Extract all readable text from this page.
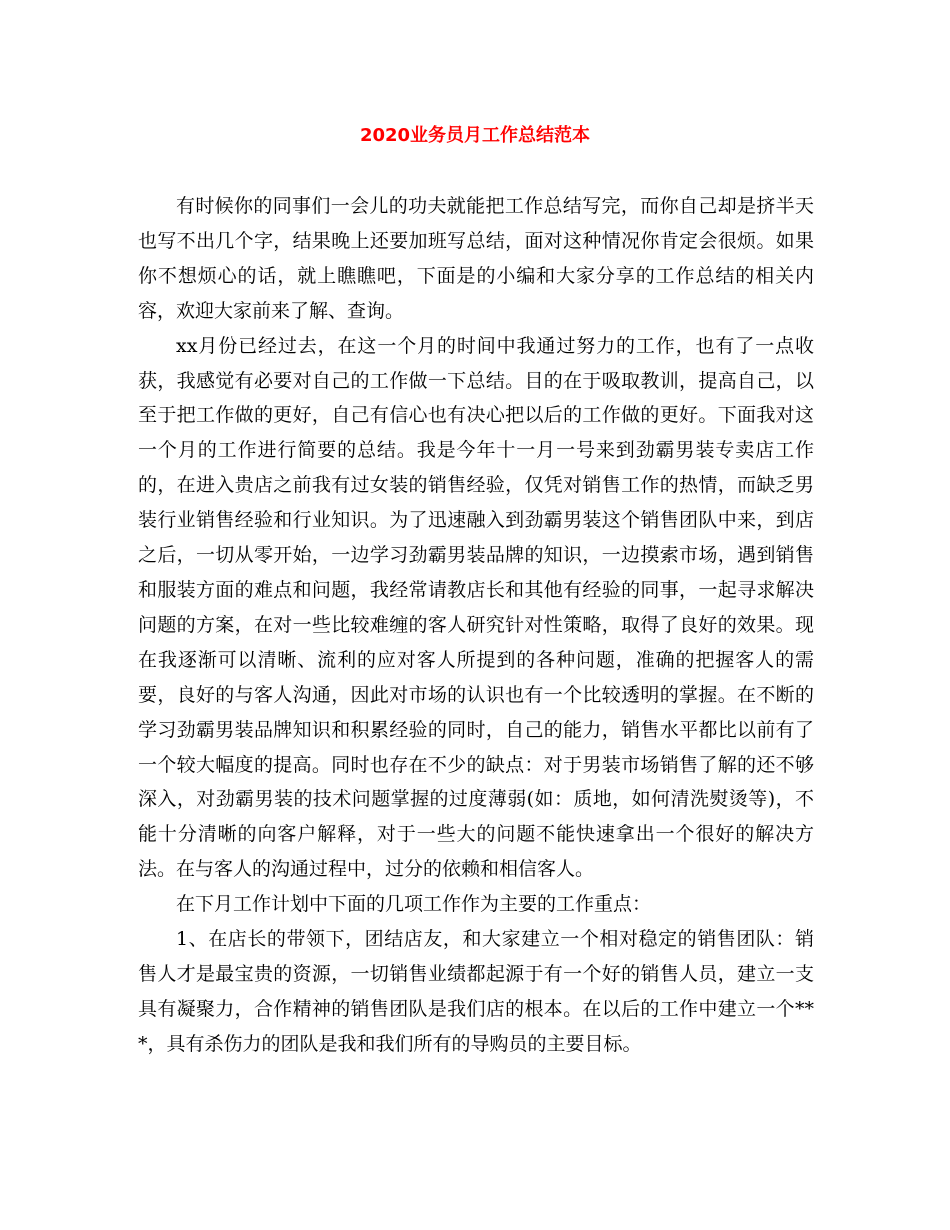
2020业务员月工作总结范本

有时候你的同事们一会儿的功夫就能把工作总结写完，而你自己却是挤半天也写不出几个字，结果晚上还要加班写总结，面对这种情况你肯定会很烦。如果你不想烦心的话，就上瞧瞧吧，下面是的小编和大家分享的工作总结的相关内容，欢迎大家前来了解、查询。

xx月份已经过去，在这一个月的时间中我通过努力的工作，也有了一点收获，我感觉有必要对自己的工作做一下总结。目的在于吸取教训，提高自己，以至于把工作做的更好，自己有信心也有决心把以后的工作做的更好。下面我对这一个月的工作进行简要的总结。我是今年十一月一号来到劲霸男装专卖店工作的，在进入贵店之前我有过女装的销售经验，仅凭对销售工作的热情，而缺乏男装行业销售经验和行业知识。为了迅速融入到劲霸男装这个销售团队中来，到店之后，一切从零开始，一边学习劲霸男装品牌的知识，一边摸索市场，遇到销售和服装方面的难点和问题，我经常请教店长和其他有经验的同事，一起寻求解决问题的方案，在对一些比较难缠的客人研究针对性策略，取得了良好的效果。现在我逐渐可以清晰、流利的应对客人所提到的各种问题，准确的把握客人的需要，良好的与客人沟通，因此对市场的认识也有一个比较透明的掌握。在不断的学习劲霸男装品牌知识和积累经验的同时，自己的能力，销售水平都比以前有了一个较大幅度的提高。同时也存在不少的缺点：对于男装市场销售了解的还不够深入，对劲霸男装的技术问题掌握的过度薄弱(如：质地，如何清洗熨烫等)，不能十分清晰的向客户解释，对于一些大的问题不能快速拿出一个很好的解决方法。在与客人的沟通过程中，过分的依赖和相信客人。

在下月工作计划中下面的几项工作作为主要的工作重点：

1、在店长的带领下，团结店友，和大家建立一个相对稳定的销售团队：销售人才是最宝贵的资源，一切销售业绩都起源于有一个好的销售人员，建立一支具有凝聚力，合作精神的销售团队是我们店的根本。在以后的工作中建立一个***，具有杀伤力的团队是我和我们所有的导购员的主要目标。
